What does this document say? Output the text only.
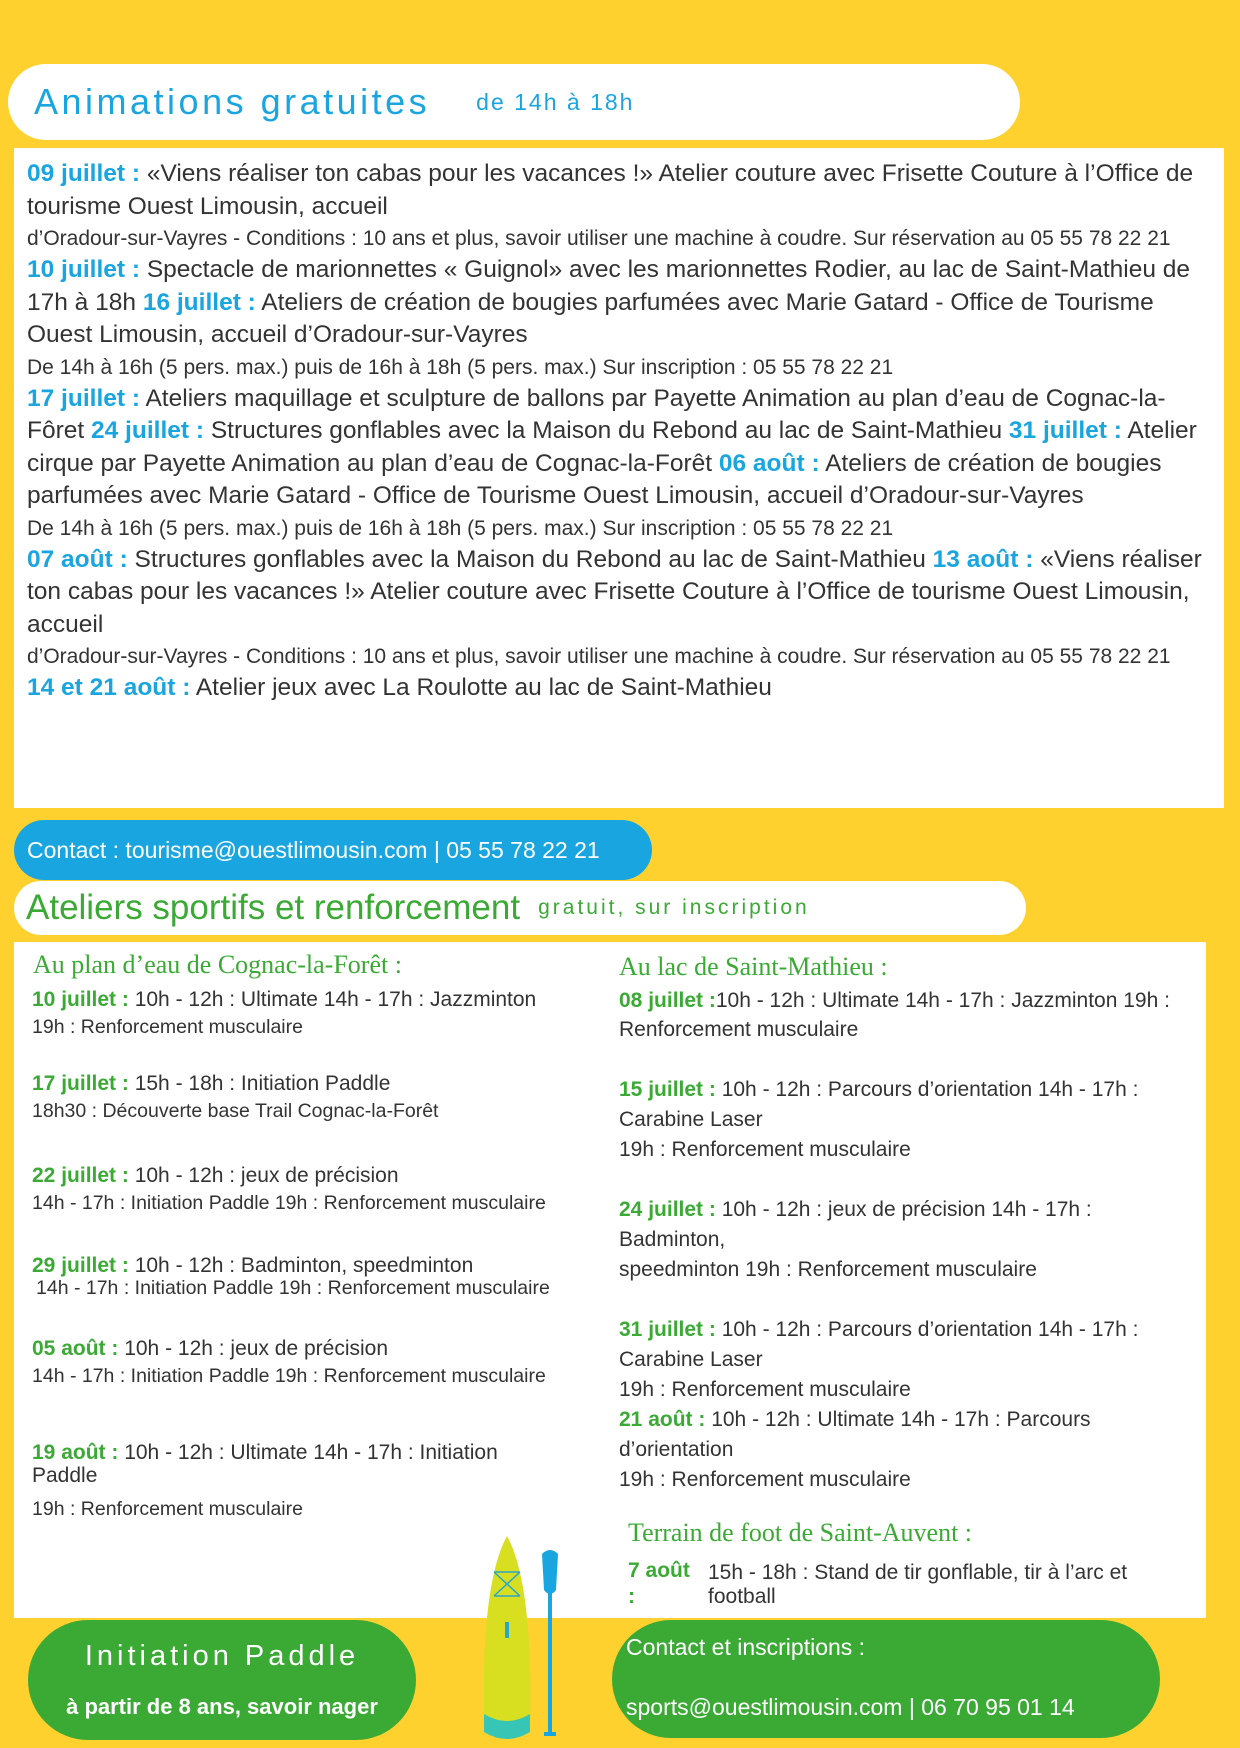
Animations gratuites de 14h à 18h

09 juillet : «Viens réaliser ton cabas pour les vacances !» Atelier couture avec Frisette Couture à l’Office de tourisme Ouest Limousin, accueil

d’Oradour-sur-Vayres - Conditions : 10 ans et plus, savoir utiliser une machine à coudre. Sur réservation au 05 55 78 22 21

10 juillet : Spectacle de marionnettes « Guignol» avec les marionnettes Rodier, au lac de Saint-Mathieu de 17h à 18h 16 juillet : Ateliers de création de bougies parfumées avec Marie Gatard - Office de Tourisme Ouest Limousin, accueil d’Oradour-sur-Vayres

De 14h à 16h (5 pers. max.) puis de 16h à 18h (5 pers. max.) Sur inscription : 05 55 78 22 21

17 juillet : Ateliers maquillage et sculpture de ballons par Payette Animation au plan d’eau de Cognac-la-Fôret 24 juillet : Structures gonflables avec la Maison du Rebond au lac de Saint-Mathieu 31 juillet : Atelier cirque par Payette Animation au plan d’eau de Cognac-la-Forêt 06 août : Ateliers de création de bougies parfumées avec Marie Gatard - Office de Tourisme Ouest Limousin, accueil d’Oradour-sur-Vayres

De 14h à 16h (5 pers. max.) puis de 16h à 18h (5 pers. max.) Sur inscription : 05 55 78 22 21

07 août : Structures gonflables avec la Maison du Rebond au lac de Saint-Mathieu 13 août : «Viens réaliser ton cabas pour les vacances !» Atelier couture avec Frisette Couture à l’Office de tourisme Ouest Limousin, accueil

d’Oradour-sur-Vayres - Conditions : 10 ans et plus, savoir utiliser une machine à coudre. Sur réservation au 05 55 78 22 21

14 et 21 août : Atelier jeux avec La Roulotte au lac de Saint-Mathieu

Contact : tourisme@ouestlimousin.com | 05 55 78 22 21
Ateliers sportifs et renforcement gratuit, sur inscription
Au plan d’eau de Cognac-la-Forêt :

10 juillet : 10h - 12h : Ultimate 14h - 17h : Jazzminton

19h : Renforcement musculaire

17 juillet : 15h - 18h : Initiation Paddle

18h30 : Découverte base Trail Cognac-la-Forêt

22 juillet : 10h - 12h : jeux de précision

14h - 17h : Initiation Paddle 19h : Renforcement musculaire

29 juillet : 10h - 12h : Badminton, speedminton

14h - 17h : Initiation Paddle 19h : Renforcement musculaire

05 août : 10h - 12h : jeux de précision

14h - 17h : Initiation Paddle 19h : Renforcement musculaire

19 août : 10h - 12h : Ultimate 14h - 17h : Initiation Paddle

19h : Renforcement musculaire

Au lac de Saint-Mathieu :

08 juillet :10h - 12h : Ultimate 14h - 17h : Jazzminton 19h : Renforcement musculaire

15 juillet : 10h - 12h : Parcours d’orientation 14h - 17h : Carabine Laser

19h : Renforcement musculaire

24 juillet : 10h - 12h : jeux de précision 14h - 17h : Badminton,

speedminton 19h : Renforcement musculaire

31 juillet : 10h - 12h : Parcours d’orientation 14h - 17h : Carabine Laser

19h : Renforcement musculaire

21 août : 10h - 12h : Ultimate 14h - 17h : Parcours d’orientation

19h : Renforcement musculaire

Terrain de foot de Saint-Auvent :
7 août :
15h - 18h : Stand de tir gonflable, tir à l’arc et football
Initiation Paddle
à partir de 8 ans, savoir nager
Contact et inscriptions :
sports@ouestlimousin.com | 06 70 95 01 14
